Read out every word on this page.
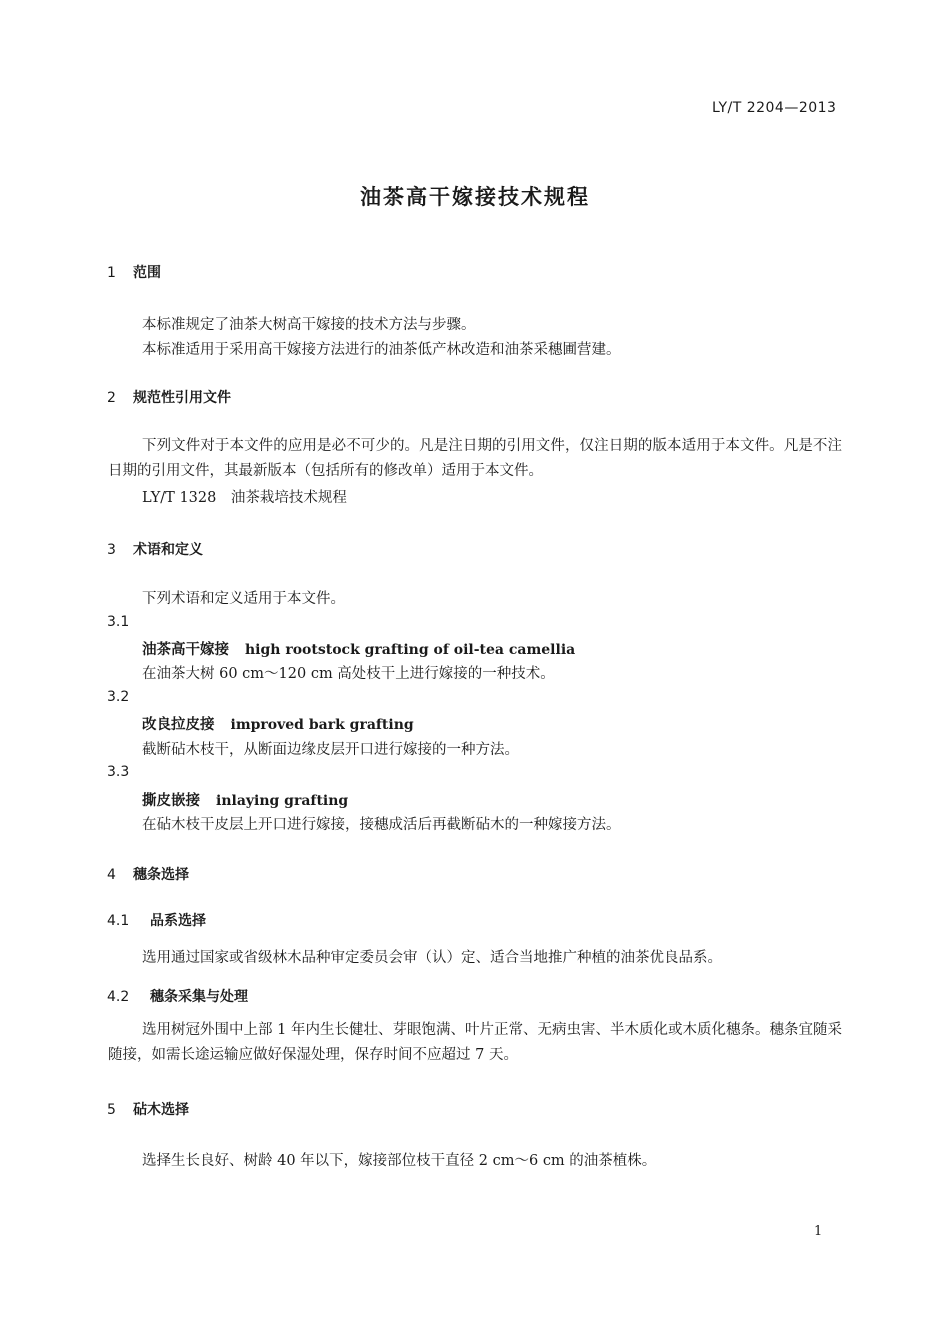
LY/T 2204—2013
油茶高干嫁接技术规程
1 范围
本标准规定了油茶大树高干嫁接的技术方法与步骤。
本标准适用于采用高干嫁接方法进行的油茶低产林改造和油茶采穗圃营建。
2 规范性引用文件
下列文件对于本文件的应用是必不可少的。凡是注日期的引用文件，仅注日期的版本适用于本文件。凡是不注日期的引用文件，其最新版本（包括所有的修改单）适用于本文件。
LY/T 1328　油茶栽培技术规程
3 术语和定义
下列术语和定义适用于本文件。
3.1
油茶高干嫁接 high rootstock grafting of oil-tea camellia
在油茶大树 60 cm～120 cm 高处枝干上进行嫁接的一种技术。
3.2
改良拉皮接 improved bark grafting
截断砧木枝干，从断面边缘皮层开口进行嫁接的一种方法。
3.3
撕皮嵌接 inlaying grafting
在砧木枝干皮层上开口进行嫁接，接穗成活后再截断砧木的一种嫁接方法。
4 穗条选择
4.1 品系选择
选用通过国家或省级林木品种审定委员会审（认）定、适合当地推广种植的油茶优良品系。
4.2 穗条采集与处理
选用树冠外围中上部 1 年内生长健壮、芽眼饱满、叶片正常、无病虫害、半木质化或木质化穗条。穗条宜随采随接，如需长途运输应做好保湿处理，保存时间不应超过 7 天。
5 砧木选择
选择生长良好、树龄 40 年以下，嫁接部位枝干直径 2 cm～6 cm 的油茶植株。
1
